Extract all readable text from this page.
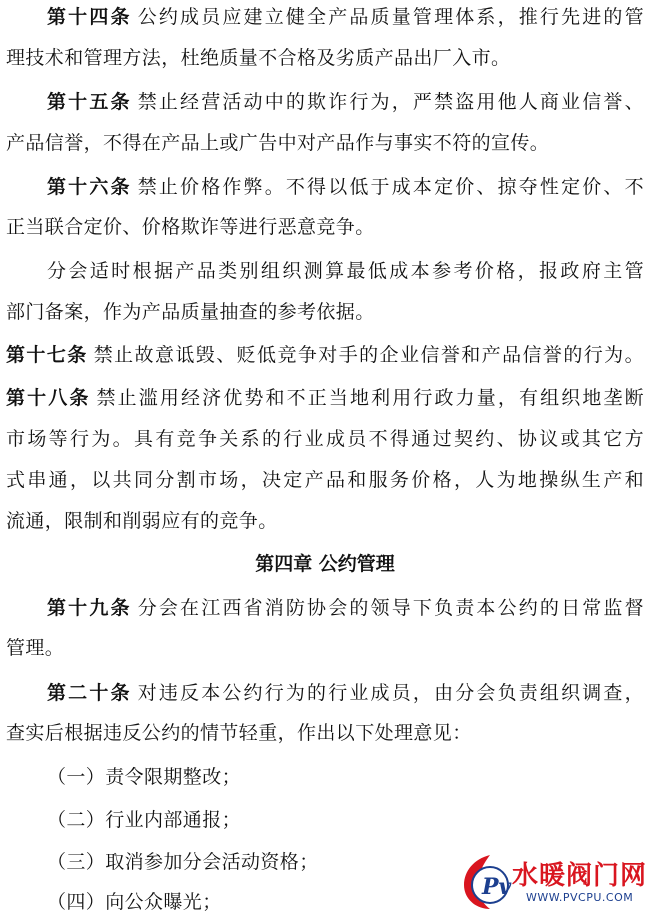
第十四条 公约成员应建立健全产品质量管理体系，推行先进的管
理技术和管理方法，杜绝质量不合格及劣质产品出厂入市。
第十五条 禁止经营活动中的欺诈行为，严禁盗用他人商业信誉、
产品信誉，不得在产品上或广告中对产品作与事实不符的宣传。
第十六条 禁止价格作弊。不得以低于成本定价、掠夺性定价、不
正当联合定价、价格欺诈等进行恶意竞争。
分会适时根据产品类别组织测算最低成本参考价格，报政府主管
部门备案，作为产品质量抽查的参考依据。
第十七条 禁止故意诋毁、贬低竞争对手的企业信誉和产品信誉的行为。
第十八条 禁止滥用经济优势和不正当地利用行政力量，有组织地垄断
市场等行为。具有竞争关系的行业成员不得通过契约、协议或其它方
式串通，以共同分割市场，决定产品和服务价格，人为地操纵生产和
流通，限制和削弱应有的竞争。
第四章 公约管理
第十九条 分会在江西省消防协会的领导下负责本公约的日常监督
管理。
第二十条 对违反本公约行为的行业成员，由分会负责组织调查，
查实后根据违反公约的情节轻重，作出以下处理意见：
（一）责令限期整改；
（二）行业内部通报；
（三）取消参加分会活动资格；
（四）向公众曝光；
Pv 水暖阀门网
WWW.PVCPU.COM
